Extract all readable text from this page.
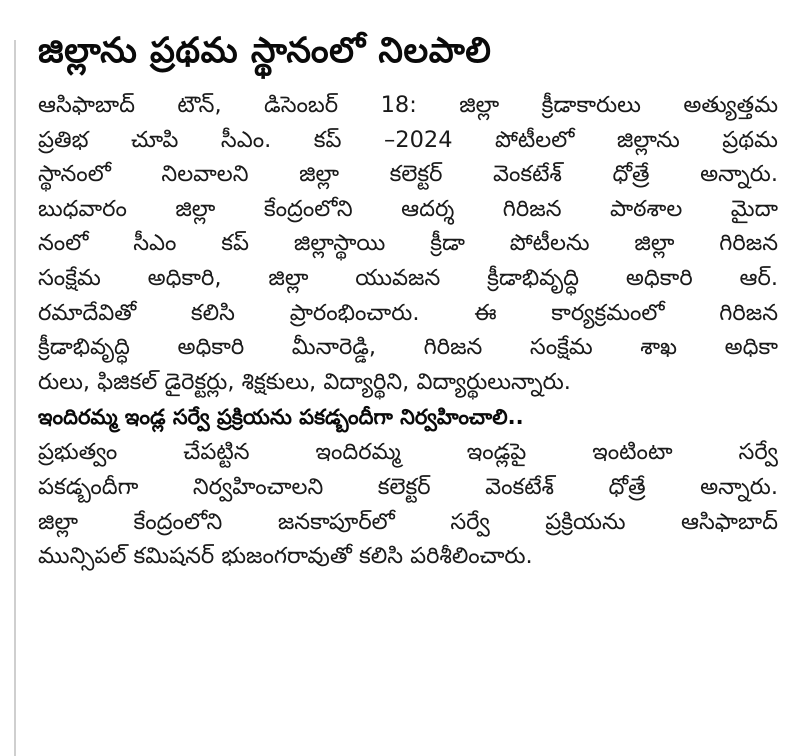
జిల్లాను ప్రథమ స్థానంలో నిలపాలి

ఆసిఫాబాద్ టౌన్, డిసెంబర్ 18: జిల్లా క్రీడాకారులు అత్యుత్తమ
ప్రతిభ చూపి సీఎం. కప్ –2024 పోటీలలో జిల్లాను ప్రథమ
స్థానంలో నిలవాలని జిల్లా కలెక్టర్ వెంకటేశ్ ధోత్రే అన్నారు.
బుధవారం జిల్లా కేంద్రంలోని ఆదర్శ గిరిజన పాఠశాల మైదా
నంలో సీఎం కప్ జిల్లాస్థాయి క్రీడా పోటీలను జిల్లా గిరిజన
సంక్షేమ అధికారి, జిల్లా యువజన క్రీడాభివృద్ధి అధికారి ఆర్.
రమాదేవితో కలిసి ప్రారంభించారు. ఈ కార్యక్రమంలో గిరిజన
క్రీడాభివృద్ధి అధికారి మీనారెడ్డి, గిరిజన సంక్షేమ శాఖ అధికా
రులు, ఫిజికల్ డైరెక్టర్లు, శిక్షకులు, విద్యార్థిని, విద్యార్థులున్నారు.

ఇందిరమ్మ ఇండ్ల సర్వే ప్రక్రియను పకడ్బందీగా నిర్వహించాలి..

ప్రభుత్వం చేపట్టిన ఇందిరమ్మ ఇండ్లపై ఇంటింటా సర్వే
పకడ్బందీగా నిర్వహించాలని కలెక్టర్ వెంకటేశ్ ధోత్రే అన్నారు.
జిల్లా కేంద్రంలోని జనకాపూర్‌లో సర్వే ప్రక్రియను ఆసిఫాబాద్
మున్సిపల్ కమిషనర్ భుజంగరావుతో కలిసి పరిశీలించారు.
